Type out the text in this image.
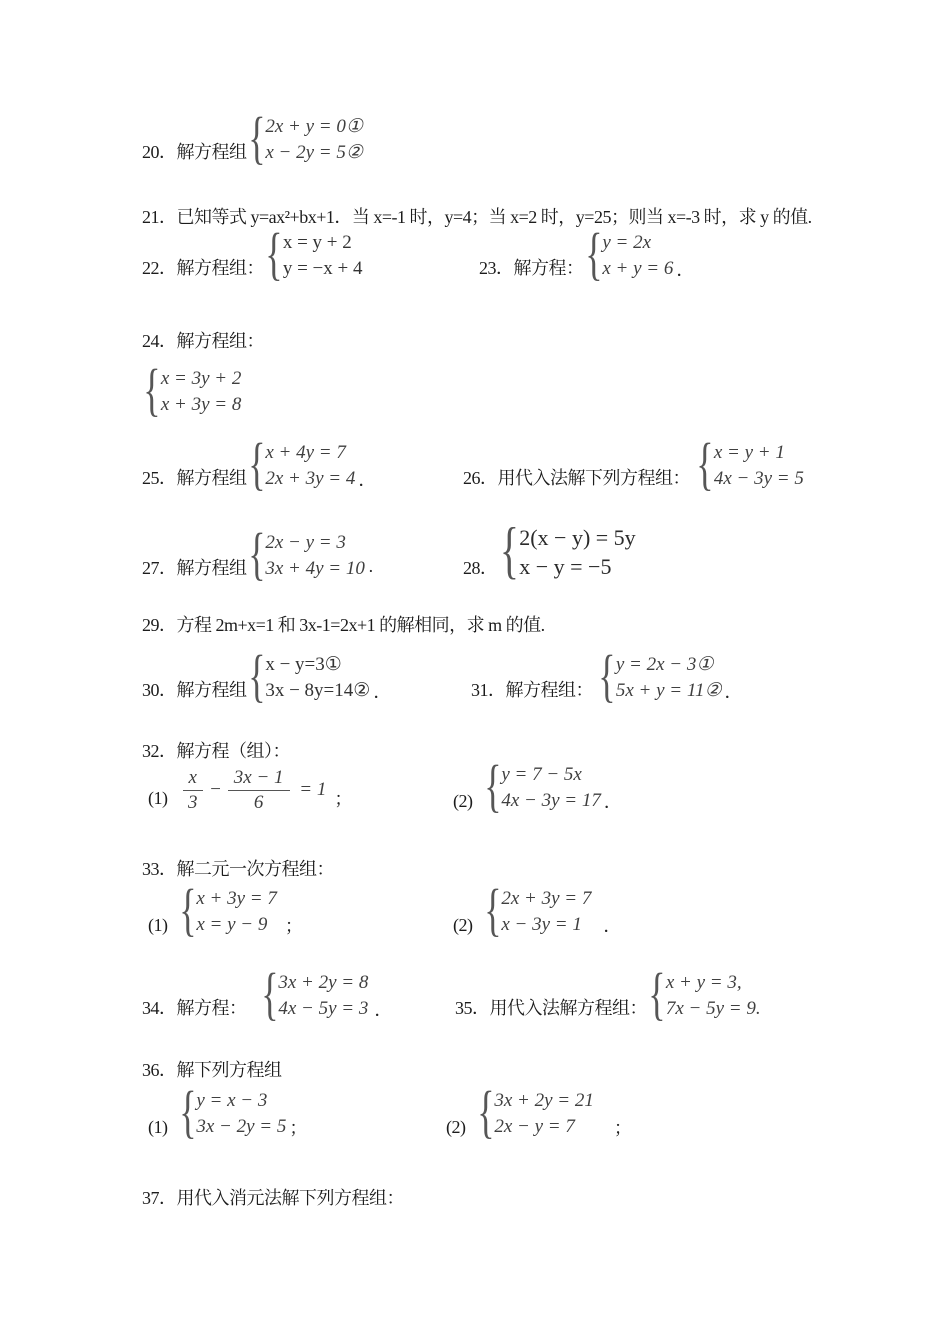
20． 解方程组 { 2x + y = 0①
x − 2y = 5②
21． 已知等式 y=ax²+bx+1．当 x=-1 时，y=4；当 x=2 时，y=25；则当 x=-3 时，求 y 的值.
22． 解方程组： { x = y + 2
y = −x + 4	23． 解方程： { y = 2x
x + y = 6 ．
24． 解方程组：
{ x = 3y + 2
x + 3y = 8
25． 解方程组 { x + 4y = 7
2x + 3y = 4 ．	26． 用代入法解下列方程组： { x = y + 1
4x − 3y = 5
27． 解方程组 { 2x − y = 3
3x + 4y = 10 ·	28． { 2(x − y) = 5y
x − y = −5
29． 方程 2m+x=1 和 3x-1=2x+1 的解相同，求 m 的值.
30． 解方程组 { x − y=3①
3x − 8y=14② ．	31． 解方程组： { y = 2x − 3①
5x + y = 11② ．
32． 解方程（组）：
$(1) \frac{x}{3} - \frac{3x - 1}{6} = 1$ ；	(2) { y = 7 − 5x
4x − 3y = 17 ．
33． 解二元一次方程组：
(1) { x + 3y = 7
x = y − 9 ；	(2) { 2x + 3y = 7
x − 3y = 1	．
34． 解方程： { 3x + 2y = 8
4x − 5y = 3 ．	35． 用代入法解方程组： { x + y = 3,
7x − 5y = 9.
36． 解下列方程组
(1) { y = x − 3
3x − 2y = 5 ；	(2) { 3x + 2y = 21
2x − y = 7	；
37． 用代入消元法解下列方程组：
